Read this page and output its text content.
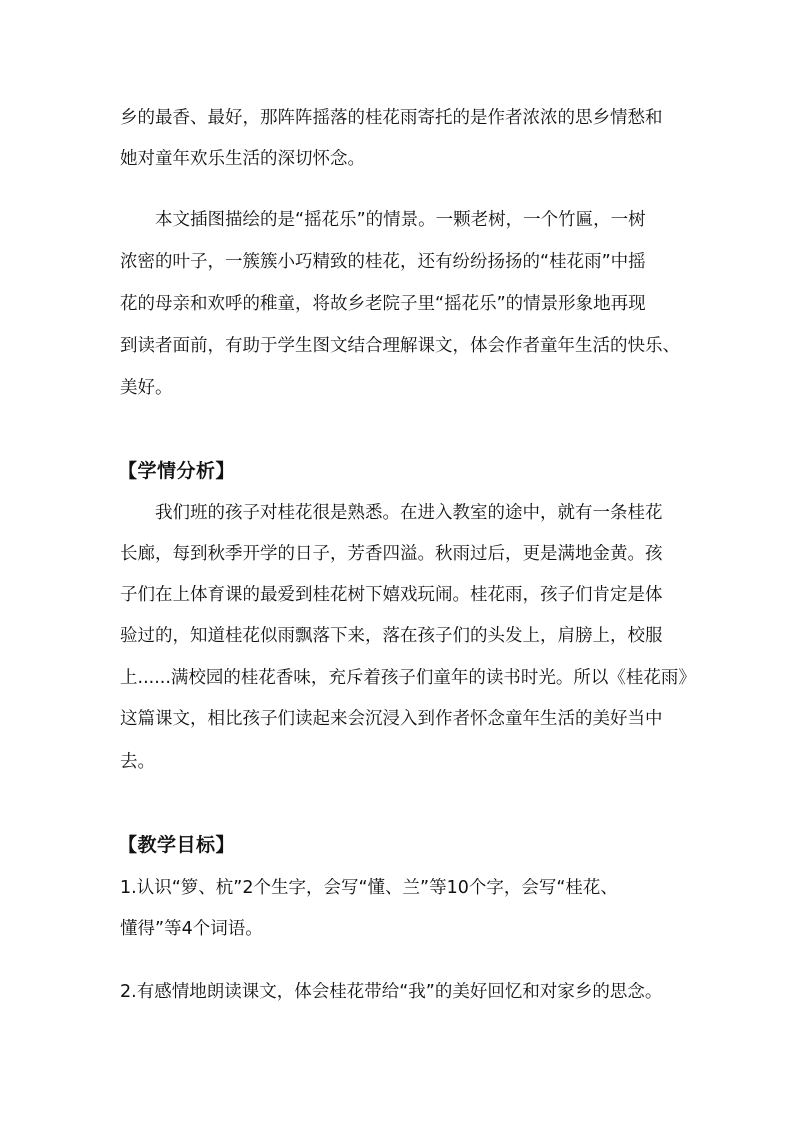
乡的最香、最好，那阵阵摇落的桂花雨寄托的是作者浓浓的思乡情愁和
她对童年欢乐生活的深切怀念。
本文插图描绘的是“摇花乐”的情景。一颗老树，一个竹匾，一树
浓密的叶子，一簇簇小巧精致的桂花，还有纷纷扬扬的“桂花雨”中摇
花的母亲和欢呼的稚童，将故乡老院子里“摇花乐”的情景形象地再现
到读者面前，有助于学生图文结合理解课文，体会作者童年生活的快乐、
美好。
【学情分析】
我们班的孩子对桂花很是熟悉。在进入教室的途中，就有一条桂花
长廊，每到秋季开学的日子，芳香四溢。秋雨过后，更是满地金黄。孩
子们在上体育课的最爱到桂花树下嬉戏玩闹。桂花雨，孩子们肯定是体
验过的，知道桂花似雨飘落下来，落在孩子们的头发上，肩膀上，校服
上......满校园的桂花香味，充斥着孩子们童年的读书时光。所以《桂花雨》
这篇课文，相比孩子们读起来会沉浸入到作者怀念童年生活的美好当中
去。
【教学目标】
1.认识“箩、杭”2个生字，会写“懂、兰”等10个字，会写“桂花、
懂得”等4个词语。
2.有感情地朗读课文，体会桂花带给“我”的美好回忆和对家乡的思念。
